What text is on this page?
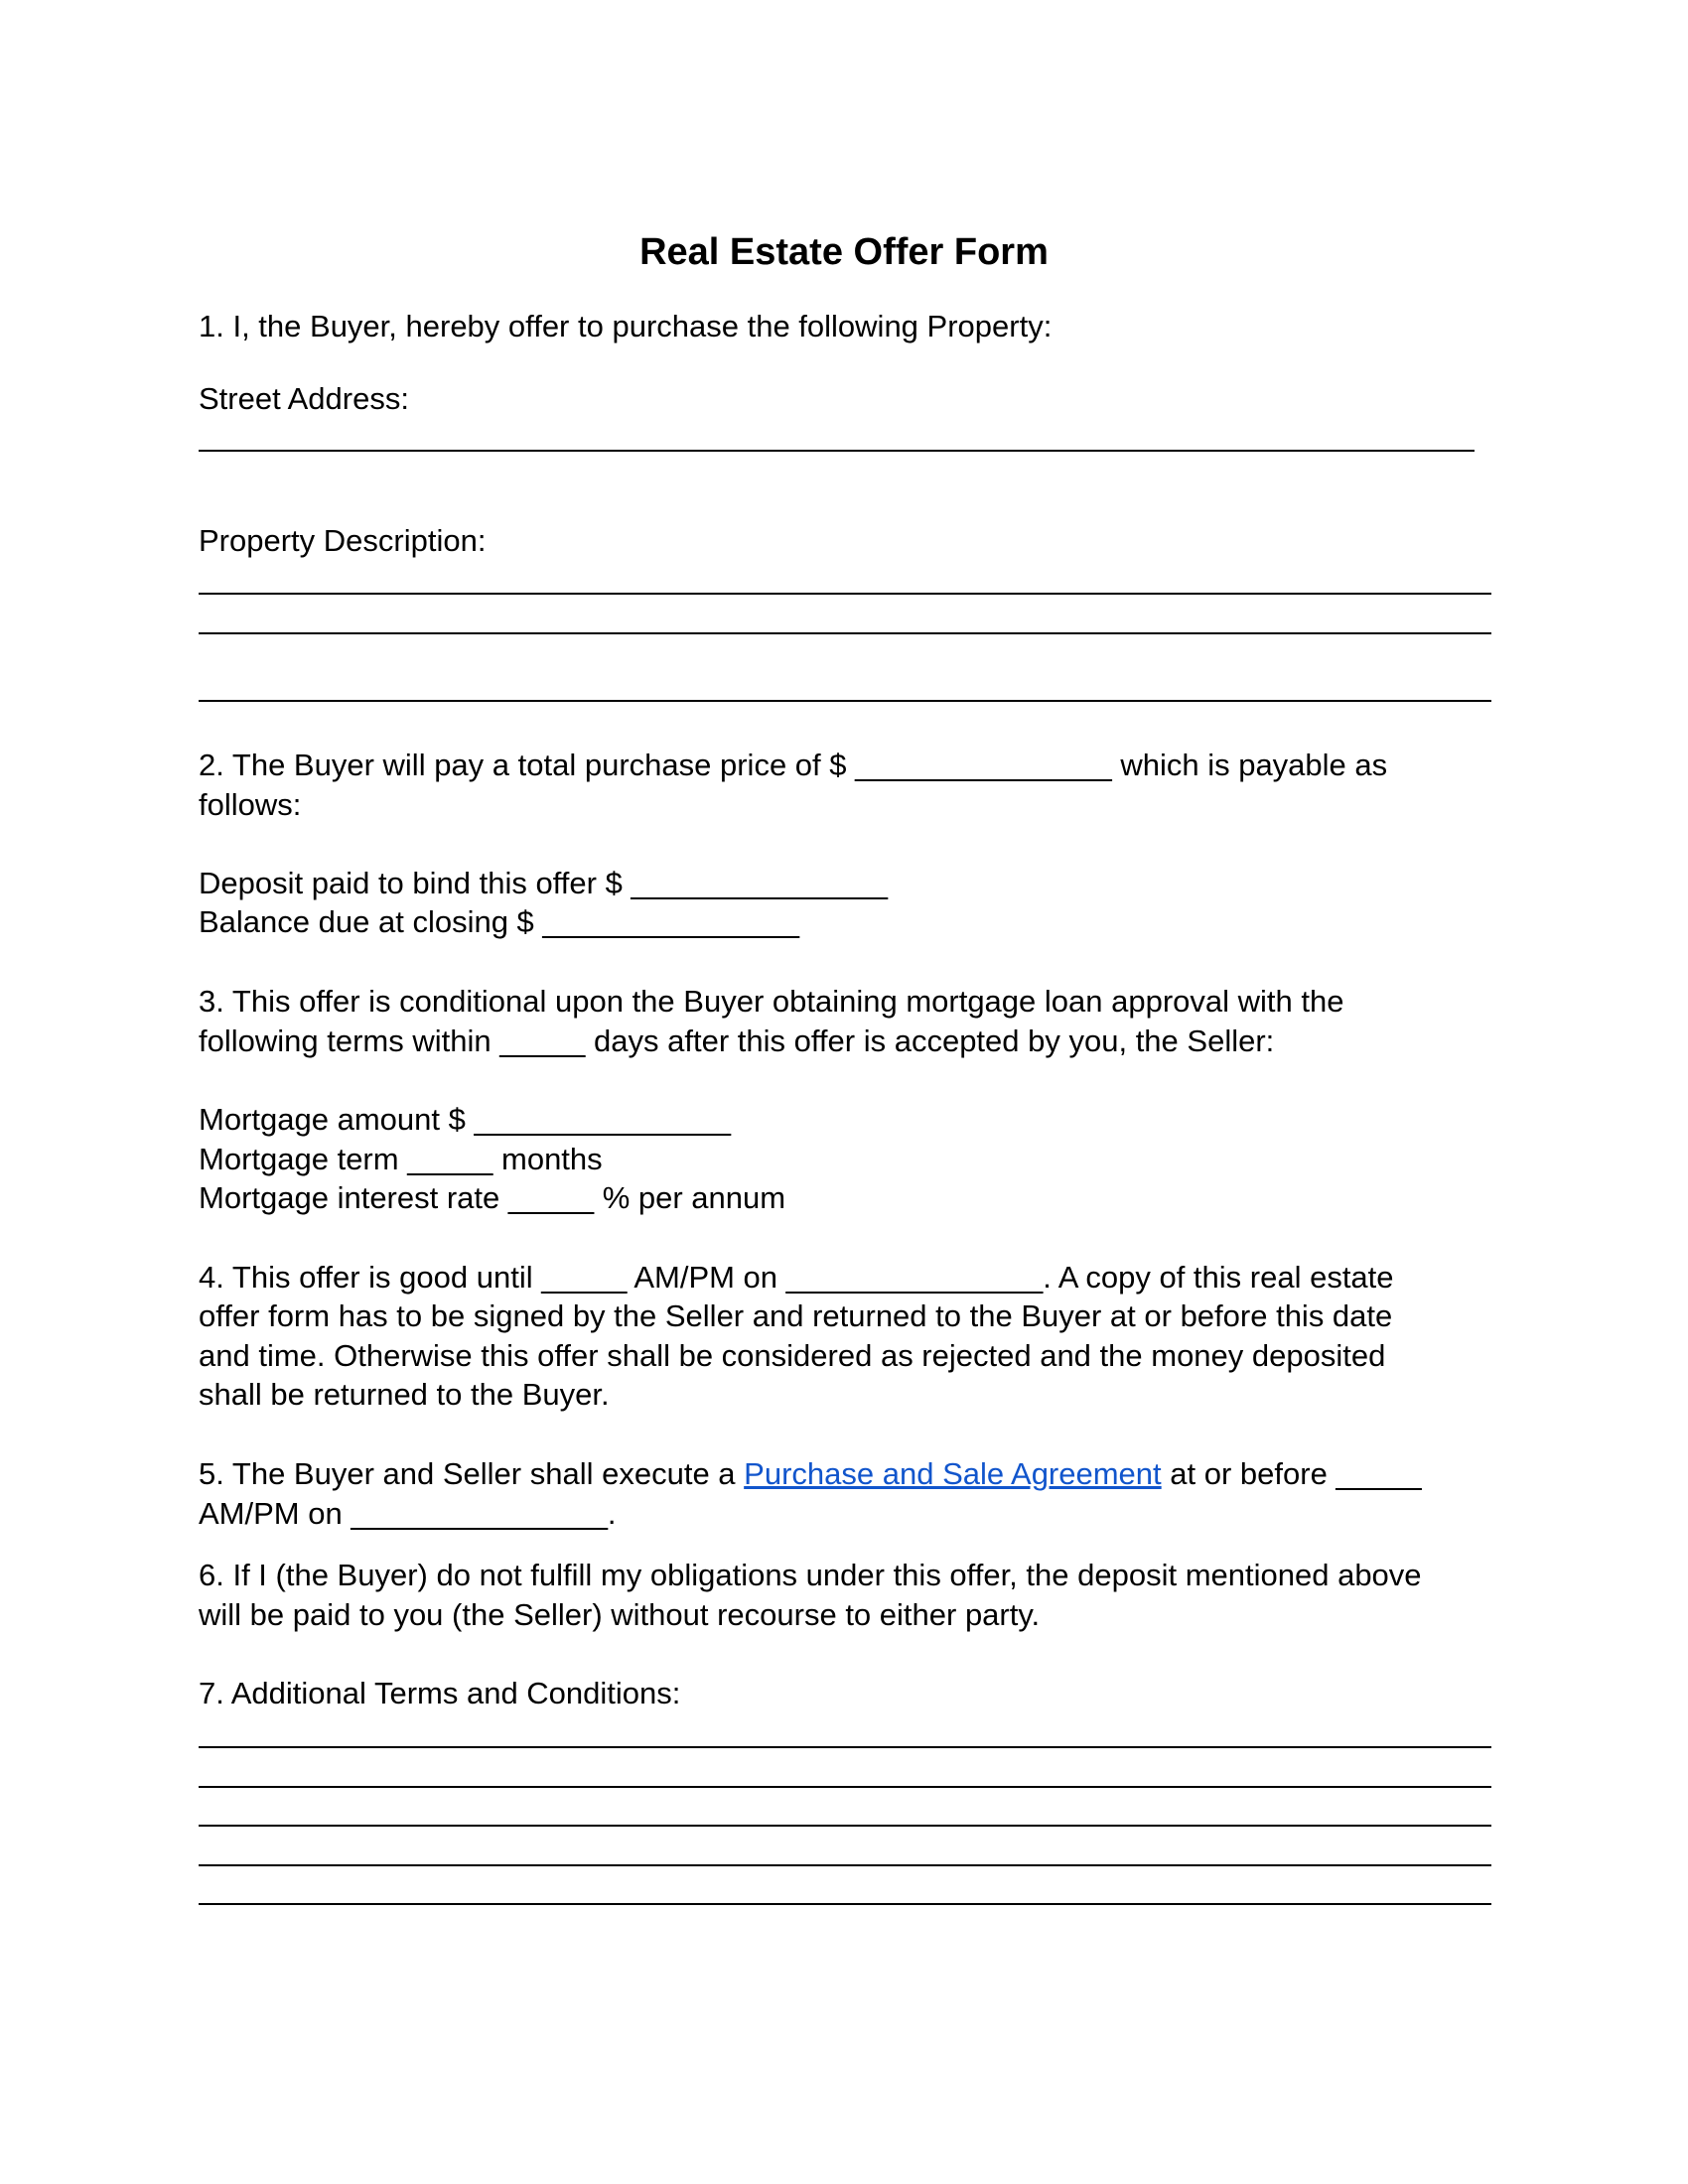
Real Estate Offer Form

1. I, the Buyer, hereby offer to purchase the following Property:

Street Address:

Property Description:

2. The Buyer will pay a total purchase price of $ _______________ which is payable as

follows:

Deposit paid to bind this offer $ _______________

Balance due at closing $ _______________

3. This offer is conditional upon the Buyer obtaining mortgage loan approval with the

following terms within _____ days after this offer is accepted by you, the Seller:

Mortgage amount $ _______________

Mortgage term _____ months

Mortgage interest rate _____ % per annum

4. This offer is good until _____ AM/PM on _______________. A copy of this real estate

offer form has to be signed by the Seller and returned to the Buyer at or before this date

and time. Otherwise this offer shall be considered as rejected and the money deposited

shall be returned to the Buyer.

5. The Buyer and Seller shall execute a Purchase and Sale Agreement at or before _____

AM/PM on _______________.

6. If I (the Buyer) do not fulfill my obligations under this offer, the deposit mentioned above

will be paid to you (the Seller) without recourse to either party.

7. Additional Terms and Conditions:
